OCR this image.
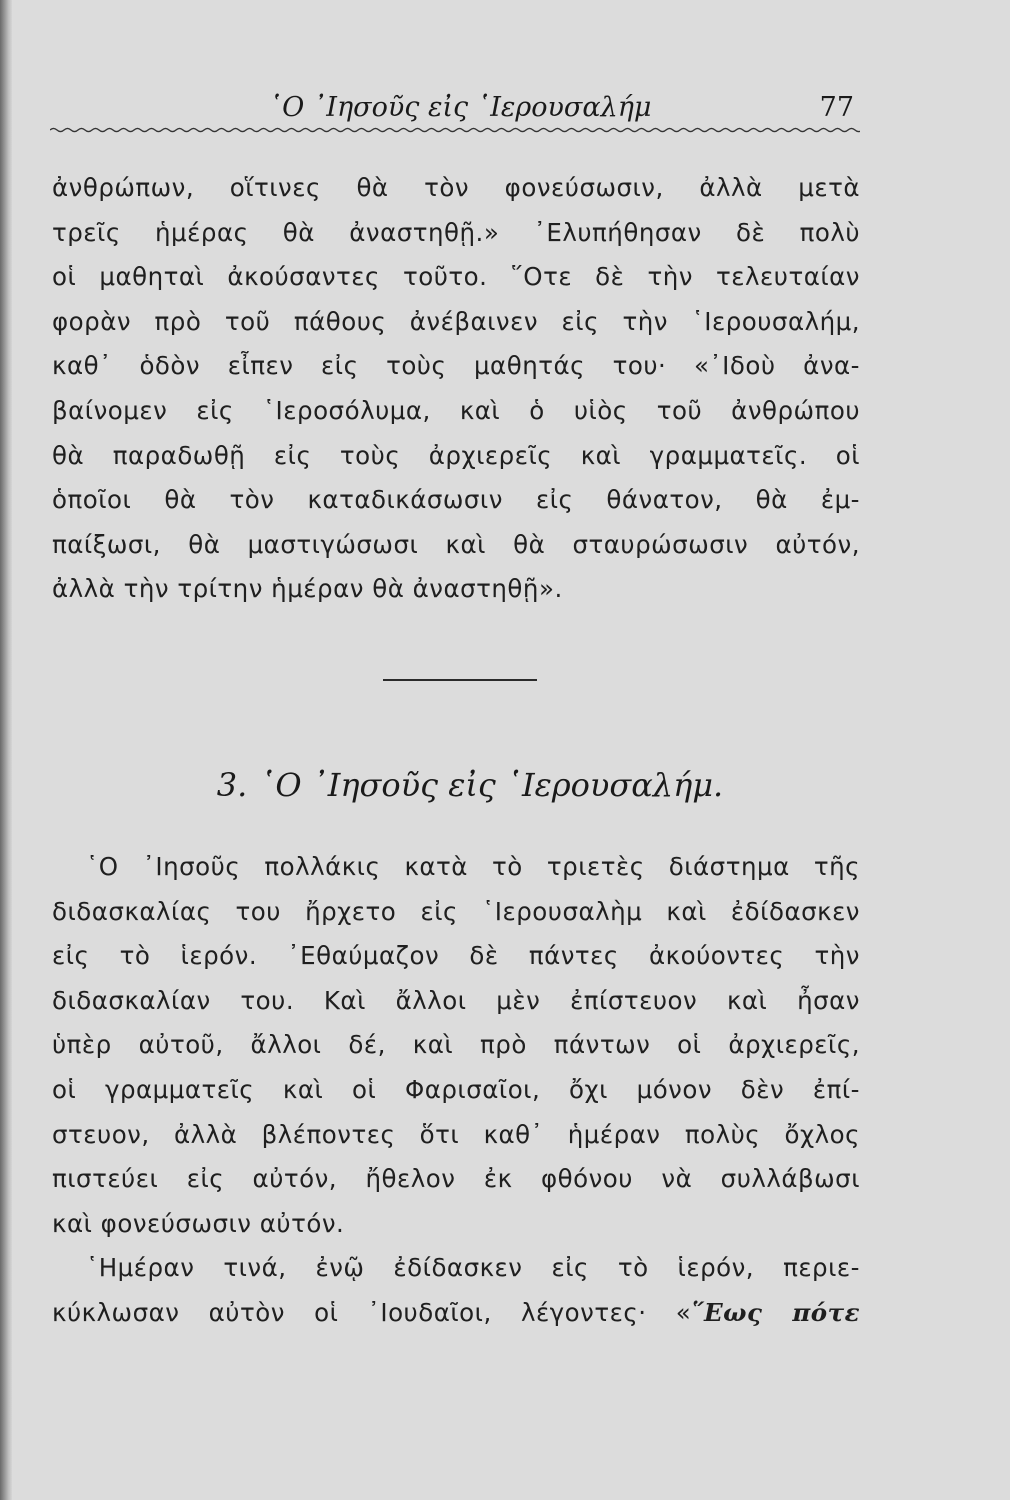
῾Ο ᾿Ιησοῦς εἰς ῾Ιερουσαλήμ	77
ἀνθρώπων, οἵτινες θὰ τὸν φονεύσωσιν, ἀλλὰ μετὰ
τρεῖς ἡμέρας θὰ ἀναστηθῇ.» ᾿Ελυπήθησαν δὲ πολὺ
οἱ μαθηταὶ ἀκούσαντες τοῦτο. ῞Οτε δὲ τὴν τελευταίαν
φορὰν πρὸ τοῦ πάθους ἀνέβαινεν εἰς τὴν ῾Ιερουσαλήμ,
καθ᾿ ὁδὸν εἶπεν εἰς τοὺς μαθητάς του· «᾿Ιδοὺ ἀνα-
βαίνομεν εἰς ῾Ιεροσόλυμα, καὶ ὁ υἱὸς τοῦ ἀνθρώπου
θὰ παραδωθῇ εἰς τοὺς ἀρχιερεῖς καὶ γραμματεῖς. οἱ
ὁποῖοι θὰ τὸν καταδικάσωσιν εἰς θάνατον, θὰ ἐμ-
παίξωσι, θὰ μαστιγώσωσι καὶ θὰ σταυρώσωσιν αὐτόν,
ἀλλὰ τὴν τρίτην ἡμέραν θὰ ἀναστηθῇ».
3. ῾Ο ᾿Ιησοῦς εἰς ῾Ιερουσαλήμ.
῾Ο ᾿Ιησοῦς πολλάκις κατὰ τὸ τριετὲς διάστημα τῆς
διδασκαλίας του ἤρχετο εἰς ῾Ιερουσαλὴμ καὶ ἐδίδασκεν
εἰς τὸ ἱερόν. ᾿Εθαύμαζον δὲ πάντες ἀκούοντες τὴν
διδασκαλίαν του. Καὶ ἄλλοι μὲν ἐπίστευον καὶ ἦσαν
ὑπὲρ αὐτοῦ, ἄλλοι δέ, καὶ πρὸ πάντων οἱ ἀρχιερεῖς,
οἱ γραμματεῖς καὶ οἱ Φαρισαῖοι, ὄχι μόνον δὲν ἐπί-
στευον, ἀλλὰ βλέποντες ὅτι καθ᾿ ἡμέραν πολὺς ὄχλος
πιστεύει εἰς αὐτόν, ἤθελον ἐκ φθόνου νὰ συλλάβωσι
καὶ φονεύσωσιν αὐτόν.
῾Ημέραν τινά, ἐνῷ ἐδίδασκεν εἰς τὸ ἱερόν, περιε-
κύκλωσαν αὐτὸν οἱ ᾿Ιουδαῖοι, λέγοντες· «῞Εως πότε
